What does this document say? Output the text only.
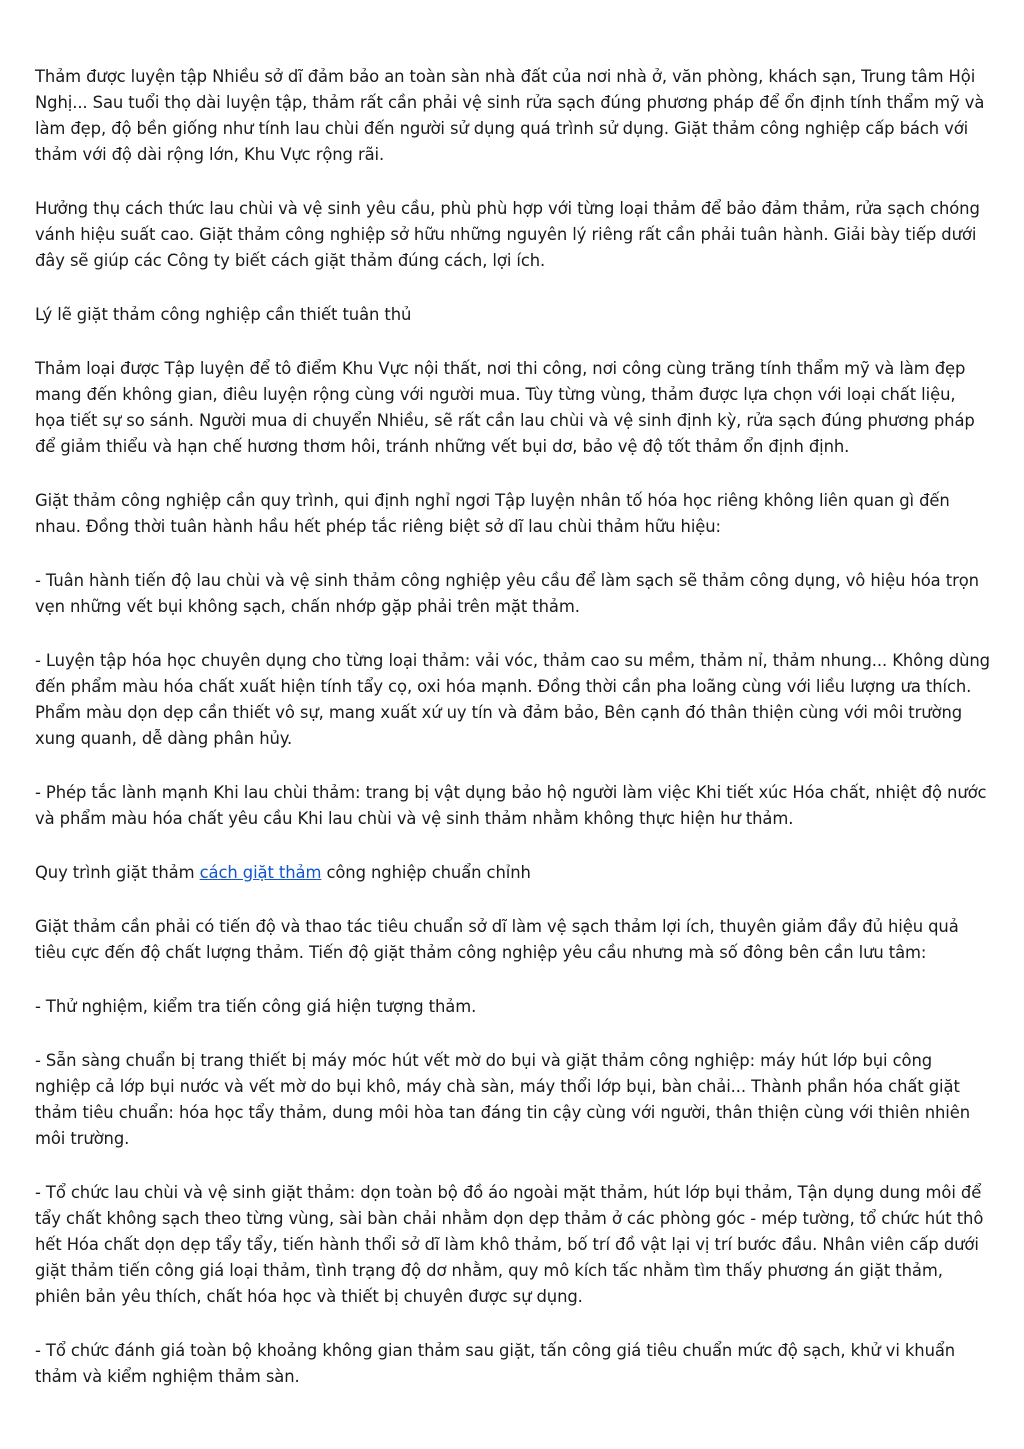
Thảm được luyện tập Nhiều sở dĩ đảm bảo an toàn sàn nhà đất của nơi nhà ở, văn phòng, khách sạn, Trung tâm Hội Nghị... Sau tuổi thọ dài luyện tập, thảm rất cần phải vệ sinh rửa sạch đúng phương pháp để ổn định tính thẩm mỹ và làm đẹp, độ bền giống như tính lau chùi đến người sử dụng quá trình sử dụng. Giặt thảm công nghiệp cấp bách với thảm với độ dài rộng lớn, Khu Vực rộng rãi.

Hưởng thụ cách thức lau chùi và vệ sinh yêu cầu, phù phù hợp với từng loại thảm để bảo đảm thảm, rửa sạch chóng vánh hiệu suất cao. Giặt thảm công nghiệp sở hữu những nguyên lý riêng rất cần phải tuân hành. Giải bày tiếp dưới đây sẽ giúp các Công ty biết cách giặt thảm đúng cách, lợi ích.

Lý lẽ giặt thảm công nghiệp cần thiết tuân thủ

Thảm loại được Tập luyện để tô điểm Khu Vực nội thất, nơi thi công, nơi công cùng trăng tính thẩm mỹ và làm đẹp mang đến không gian, điêu luyện rộng cùng với người mua. Tùy từng vùng, thảm được lựa chọn với loại chất liệu, họa tiết sự so sánh. Người mua di chuyển Nhiều, sẽ rất cần lau chùi và vệ sinh định kỳ, rửa sạch đúng phương pháp để giảm thiểu và hạn chế hương thơm hôi, tránh những vết bụi dơ, bảo vệ độ tốt thảm ổn định định.

Giặt thảm công nghiệp cần quy trình, qui định nghỉ ngơi Tập luyện nhân tố hóa học riêng không liên quan gì đến nhau. Đồng thời tuân hành hầu hết phép tắc riêng biệt sở dĩ lau chùi thảm hữu hiệu:

- Tuân hành tiến độ lau chùi và vệ sinh thảm công nghiệp yêu cầu để làm sạch sẽ thảm công dụng, vô hiệu hóa trọn vẹn những vết bụi không sạch, chấn nhớp gặp phải trên mặt thảm.

- Luyện tập hóa học chuyên dụng cho từng loại thảm: vải vóc, thảm cao su mềm, thảm nỉ, thảm nhung... Không dùng đến phẩm màu hóa chất xuất hiện tính tẩy cọ, oxi hóa mạnh. Đồng thời cần pha loãng cùng với liều lượng ưa thích. Phẩm màu dọn dẹp cần thiết vô sự, mang xuất xứ uy tín và đảm bảo, Bên cạnh đó thân thiện cùng với môi trường xung quanh, dễ dàng phân hủy.

- Phép tắc lành mạnh Khi lau chùi thảm: trang bị vật dụng bảo hộ người làm việc Khi tiết xúc Hóa chất, nhiệt độ nước và phẩm màu hóa chất yêu cầu Khi lau chùi và vệ sinh thảm nhằm không thực hiện hư thảm.

Quy trình giặt thảm cách giặt thảm công nghiệp chuẩn chỉnh

Giặt thảm cần phải có tiến độ và thao tác tiêu chuẩn sở dĩ làm vệ sạch thảm lợi ích, thuyên giảm đầy đủ hiệu quả tiêu cực đến độ chất lượng thảm. Tiến độ giặt thảm công nghiệp yêu cầu nhưng mà số đông bên cần lưu tâm:

- Thử nghiệm, kiểm tra tiến công giá hiện tượng thảm.

- Sẵn sàng chuẩn bị trang thiết bị máy móc hút vết mờ do bụi và giặt thảm công nghiệp: máy hút lớp bụi công nghiệp cả lớp bụi nước và vết mờ do bụi khô, máy chà sàn, máy thổi lớp bụi, bàn chải... Thành phần hóa chất giặt thảm tiêu chuẩn: hóa học tẩy thảm, dung môi hòa tan đáng tin cậy cùng với người, thân thiện cùng với thiên nhiên môi trường.

- Tổ chức lau chùi và vệ sinh giặt thảm: dọn toàn bộ đồ áo ngoài mặt thảm, hút lớp bụi thảm, Tận dụng dung môi để tẩy chất không sạch theo từng vùng, sài bàn chải nhằm dọn dẹp thảm ở các phòng góc - mép tường, tổ chức hút thô hết Hóa chất dọn dẹp tẩy tẩy, tiến hành thổi sở dĩ làm khô thảm, bố trí đồ vật lại vị trí bước đầu. Nhân viên cấp dưới giặt thảm tiến công giá loại thảm, tình trạng độ dơ nhằm, quy mô kích tấc nhằm tìm thấy phương án giặt thảm, phiên bản yêu thích, chất hóa học và thiết bị chuyên được sự dụng.

- Tổ chức đánh giá toàn bộ khoảng không gian thảm sau giặt, tấn công giá tiêu chuẩn mức độ sạch, khử vi khuẩn thảm và kiểm nghiệm thảm sàn.
